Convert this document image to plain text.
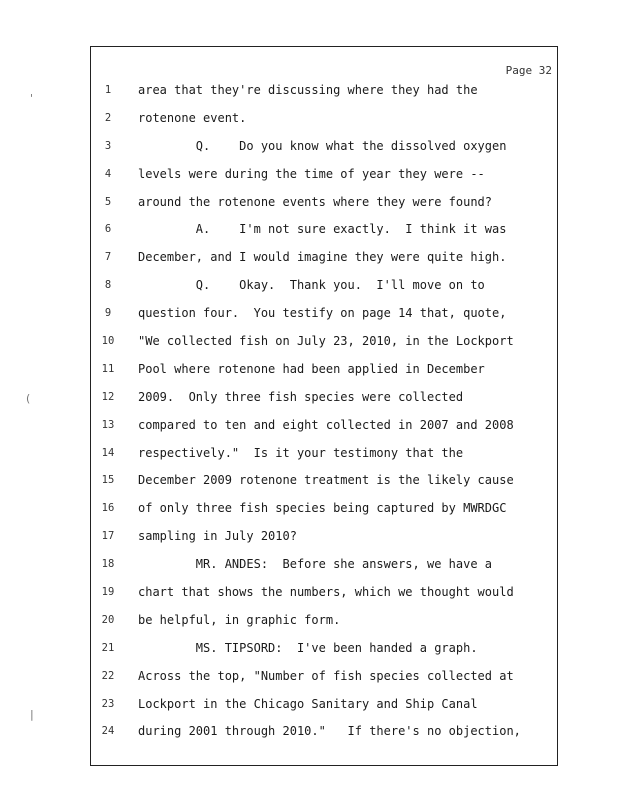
Page 32
1	area that they're discussing where they had the
2	rotenone event.
3	Q.    Do you know what the dissolved oxygen
4	levels were during the time of year they were --
5	around the rotenone events where they were found?
6	A.    I'm not sure exactly.  I think it was
7	December, and I would imagine they were quite high.
8	Q.    Okay.  Thank you.  I'll move on to
9	question four.  You testify on page 14 that, quote,
10	"We collected fish on July 23, 2010, in the Lockport
11	Pool where rotenone had been applied in December
12	2009.  Only three fish species were collected
13	compared to ten and eight collected in 2007 and 2008
14	respectively."  Is it your testimony that the
15	December 2009 rotenone treatment is the likely cause
16	of only three fish species being captured by MWRDGC
17	sampling in July 2010?
18	MR. ANDES:  Before she answers, we have a
19	chart that shows the numbers, which we thought would
20	be helpful, in graphic form.
21	MS. TIPSORD:  I've been handed a graph.
22	Across the top, "Number of fish species collected at
23	Lockport in the Chicago Sanitary and Ship Canal
24	during 2001 through 2010."   If there's no objection,
'
(
|
